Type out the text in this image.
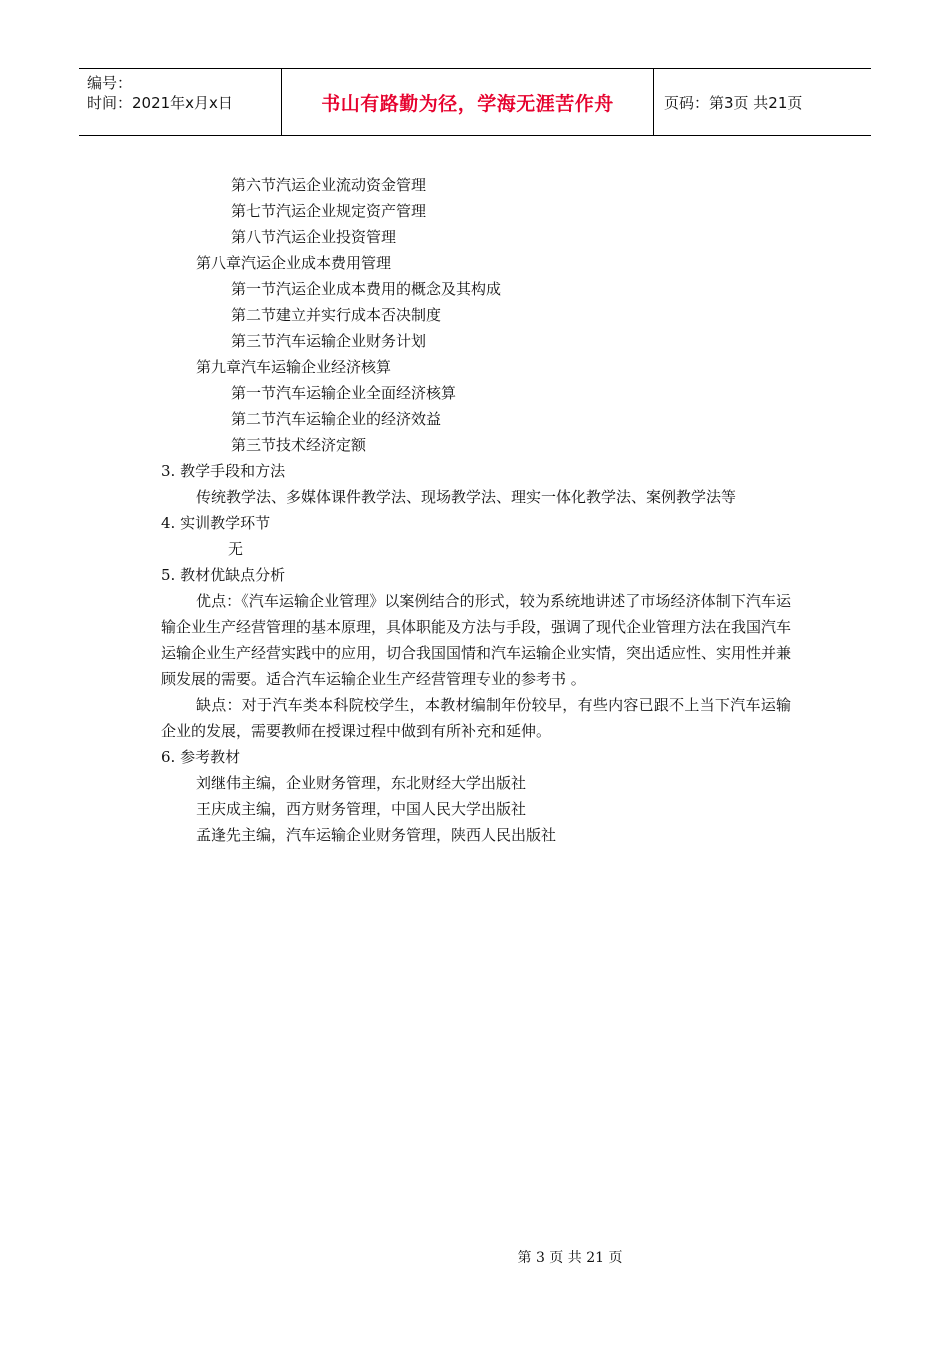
编号：
时间：2021年x月x日	书山有路勤为径，学海无涯苦作舟	页码：第3页 共21页
第六节汽运企业流动资金管理
第七节汽运企业规定资产管理
第八节汽运企业投资管理
第八章汽运企业成本费用管理
第一节汽运企业成本费用的概念及其构成
第二节建立并实行成本否决制度
第三节汽车运输企业财务计划
第九章汽车运输企业经济核算
第一节汽车运输企业全面经济核算
第二节汽车运输企业的经济效益
第三节技术经济定额
3. 教学手段和方法
传统教学法、多媒体课件教学法、现场教学法、理实一体化教学法、案例教学法等
4. 实训教学环节
无
5. 教材优缺点分析
优点：《汽车运输企业管理》以案例结合的形式，较为系统地讲述了市场经济体制下汽车运输企业生产经营管理的基本原理，具体职能及方法与手段，强调了现代企业管理方法在我国汽车运输企业生产经营实践中的应用，切合我国国情和汽车运输企业实情，突出适应性、实用性并兼顾发展的需要。适合汽车运输企业生产经营管理专业的参考书 。
缺点：对于汽车类本科院校学生，本教材编制年份较早，有些内容已跟不上当下汽车运输企业的发展，需要教师在授课过程中做到有所补充和延伸。
6. 参考教材
刘继伟主编，企业财务管理，东北财经大学出版社
王庆成主编，西方财务管理，中国人民大学出版社
孟逢先主编，汽车运输企业财务管理，陕西人民出版社
第 3 页 共 21 页
